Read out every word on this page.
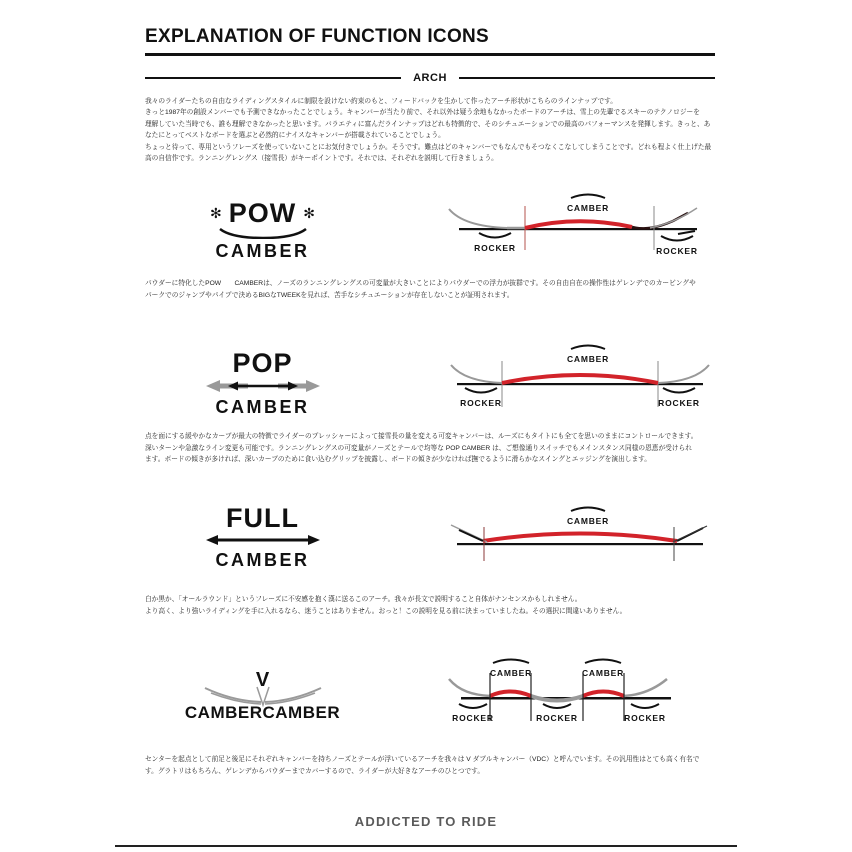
EXPLANATION OF FUNCTION ICONS
ARCH
我々のライダーたちの自由なライディングスタイルに制限を設けない約束のもと、フィードバックを生かして作ったアーチ形状がこちらのラインナップです。
きっと1987年の創設メンバーでも予測できなかったことでしょう。キャンバーが当たり前で、それ以外は疑う余地もなかったボードのアーチは、雪上の先輩でるスキーのテクノロジーを
理解していた当時でも、誰も理解できなかったと思います。バラエティに富んだラインナップはどれも特徴的で、そのシチュエーションでの最高のパフォーマンスを発揮します。きっと、あ
なたにとってベストなボードを選ぶと必然的にナイスなキャンバーが搭載されていることでしょう。
ちょっと待って、専用というフレーズを使っていないことにお気付きでしょうか。そうです。難点はどのキャンバーでもなんでもそつなくこなしてしまうことです。どれも程よく仕上げた最
高の自信作です。ランニングレングス（接雪長）がキーポイントです。それでは、それぞれを説明して行きましょう。
✻ POW ✻
CAMBER
CAMBER
ROCKER	ROCKER
パウダーに特化したPOW　　CAMBERは、ノーズのランニングレングスの可変量が大きいことによりパウダーでの浮力が抜群です。その自由自在の操作性はゲレンデでのカービングや
パークでのジャンプやパイプで決めるBIGなTWEEKを見れば、苦手なシチュエーションが存在しないことが証明されます。
POP
CAMBER
CAMBER
ROCKER	ROCKER
点を面にする緩やかなカーブが最大の特徴でライダーのプレッシャーによって接雪長の量を変える可変キャンバーは、ルーズにもタイトにも全てを思いのままにコントロールできます。
深いターンや急激なライン変更も可能です。ランニングレングスの可変量がノーズとテールで均等な POP CAMBER は、ご想像通りスイッチでもメインスタンス同様の恩恵が受けられ
ます。ボードの傾きが多ければ、深いカーブのために食い込むグリップを披露し、ボードの傾きが少なければ撫でるように滑らかなスイングとエッジングを演出します。
FULL
CAMBER
CAMBER
白か黒か、「オールラウンド」というフレーズに不安感を抱く漢に送るこのアーチ。我々が長文で説明すること自体がナンセンスかもしれません。
より高く、より強いライディングを手に入れるなら、迷うことはありません。おっと！この説明を見る前に決まっていましたね。その選択に間違いありません。
V
CAMBERCAMBER
CAMBER	CAMBER
ROCKER	ROCKER	ROCKER
センターを起点として前足と後足にそれぞれキャンバーを持ちノーズとテールが浮いているアーチを我々は V ダブルキャンバー（VDC）と呼んでいます。その汎用性はとても高く有名で
す。グラトリはもちろん、ゲレンデからパウダーまでカバーするので、ライダーが大好きなアーチのひとつです。
ADDICTED TO RIDE
